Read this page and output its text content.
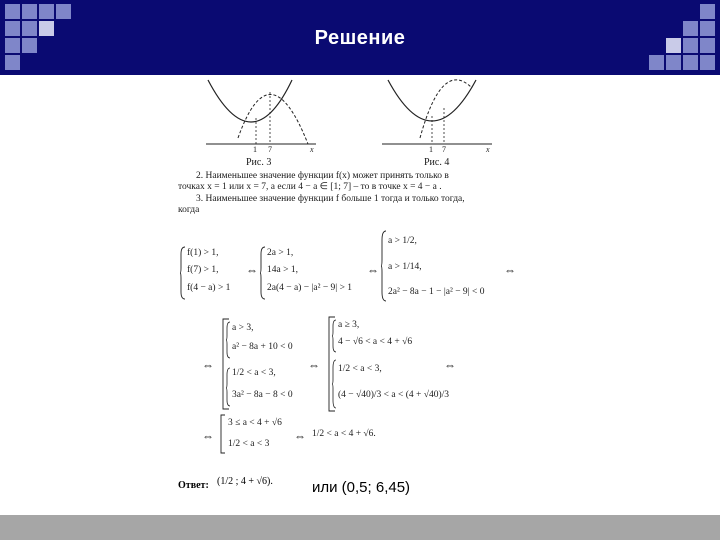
Решение
1 7	x
Рис. 3
1 7	x
Рис. 4
2. Наименьшее значение функции f(x) может принять только в
точках x = 1 или x = 7, а если 4 − a ∈ [1; 7] – то в точке x = 4 − a .
3. Наименьшее значение функции f больше 1 тогда и только тогда,
когда
f(1) > 1,
f(7) > 1,
f(4 − a) > 1
⇔
2a > 1,
14a > 1,
2a(4 − a) − |a² − 9| > 1
⇔
a > 1/2,
a > 1/14,
2a² − 8a − 1 − |a² − 9| < 0
⇔
⇔
a > 3,
a² − 8a + 10 < 0
1/2 < a < 3,
3a² − 8a − 8 < 0
⇔
a ≥ 3,
4 − √6 < a < 4 + √6
1/2 < a < 3,
(4 − √40)/3 < a < (4 + √40)/3
⇔
⇔
3 ≤ a < 4 + √6
1/2 < a < 3
⇔ 1/2 < a < 4 + √6.
Ответ: (1/2 ; 4 + √6).	или (0,5; 6,45)
